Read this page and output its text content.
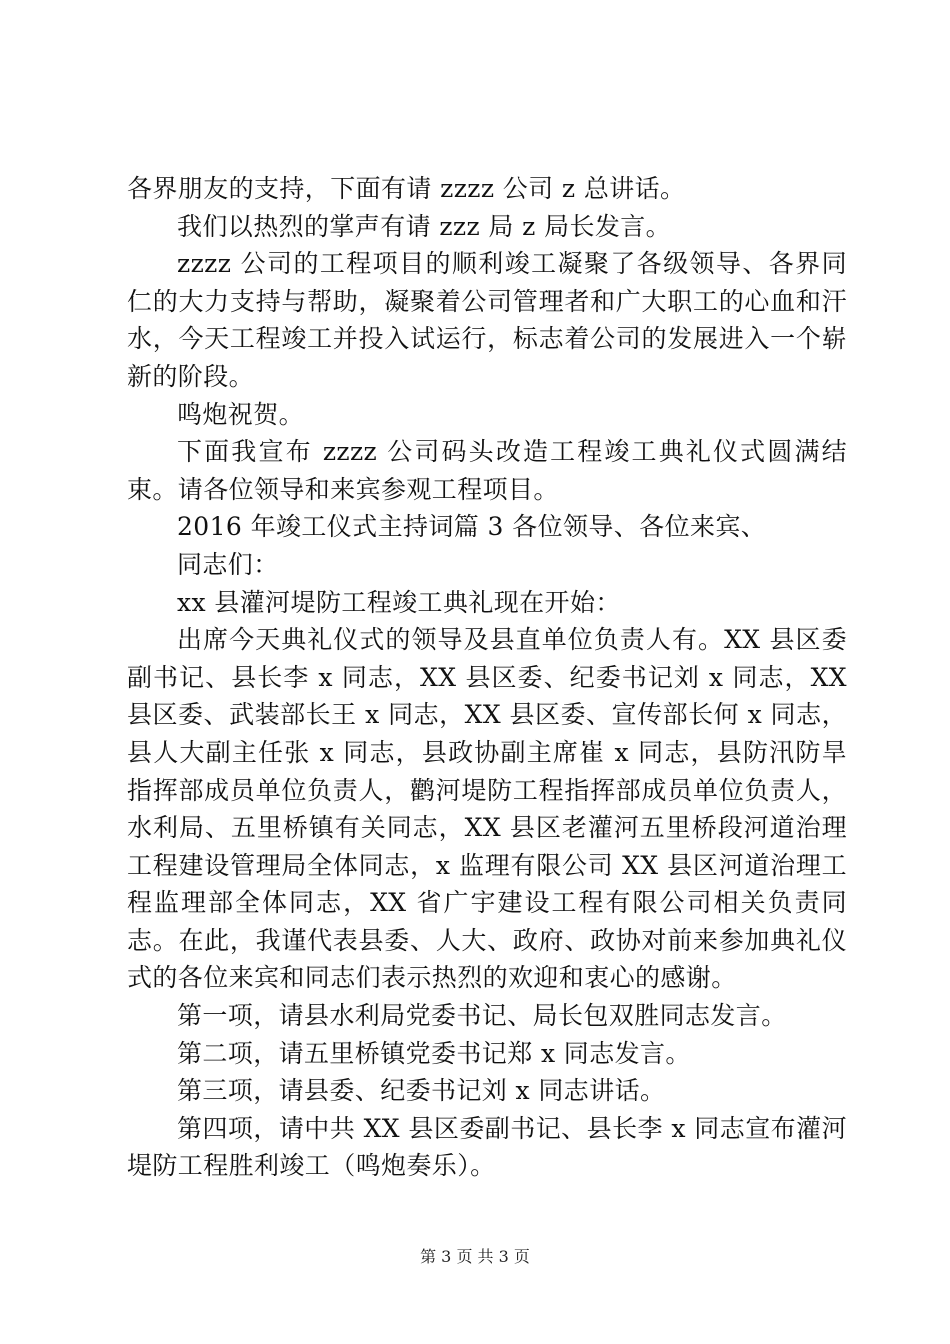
各界朋友的支持，下面有请 zzzz 公司 z 总讲话。

我们以热烈的掌声有请 zzz 局 z 局长发言。

zzzz 公司的工程项目的顺利竣工凝聚了各级领导、各界同仁的大力支持与帮助，凝聚着公司管理者和广大职工的心血和汗水，今天工程竣工并投入试运行，标志着公司的发展进入一个崭新的阶段。

鸣炮祝贺。

下面我宣布 zzzz 公司码头改造工程竣工典礼仪式圆满结束。请各位领导和来宾参观工程项目。

2016 年竣工仪式主持词篇 3 各位领导、各位来宾、

同志们：

xx 县灌河堤防工程竣工典礼现在开始：

出席今天典礼仪式的领导及县直单位负责人有。XX 县区委副书记、县长李 x 同志，XX 县区委、纪委书记刘 x 同志，XX 县区委、武装部长王 x 同志，XX 县区委、宣传部长何 x 同志，县人大副主任张 x 同志，县政协副主席崔 x 同志，县防汛防旱指挥部成员单位负责人，鹳河堤防工程指挥部成员单位负责人，水利局、五里桥镇有关同志，XX 县区老灌河五里桥段河道治理工程建设管理局全体同志，x 监理有限公司 XX 县区河道治理工程监理部全体同志，XX 省广宇建设工程有限公司相关负责同志。在此，我谨代表县委、人大、政府、政协对前来参加典礼仪式的各位来宾和同志们表示热烈的欢迎和衷心的感谢。

第一项，请县水利局党委书记、局长包双胜同志发言。

第二项，请五里桥镇党委书记郑 x 同志发言。

第三项，请县委、纪委书记刘 x 同志讲话。

第四项，请中共 XX 县区委副书记、县长李 x 同志宣布灌河堤防工程胜利竣工（鸣炮奏乐）。

第 3 页 共 3 页
